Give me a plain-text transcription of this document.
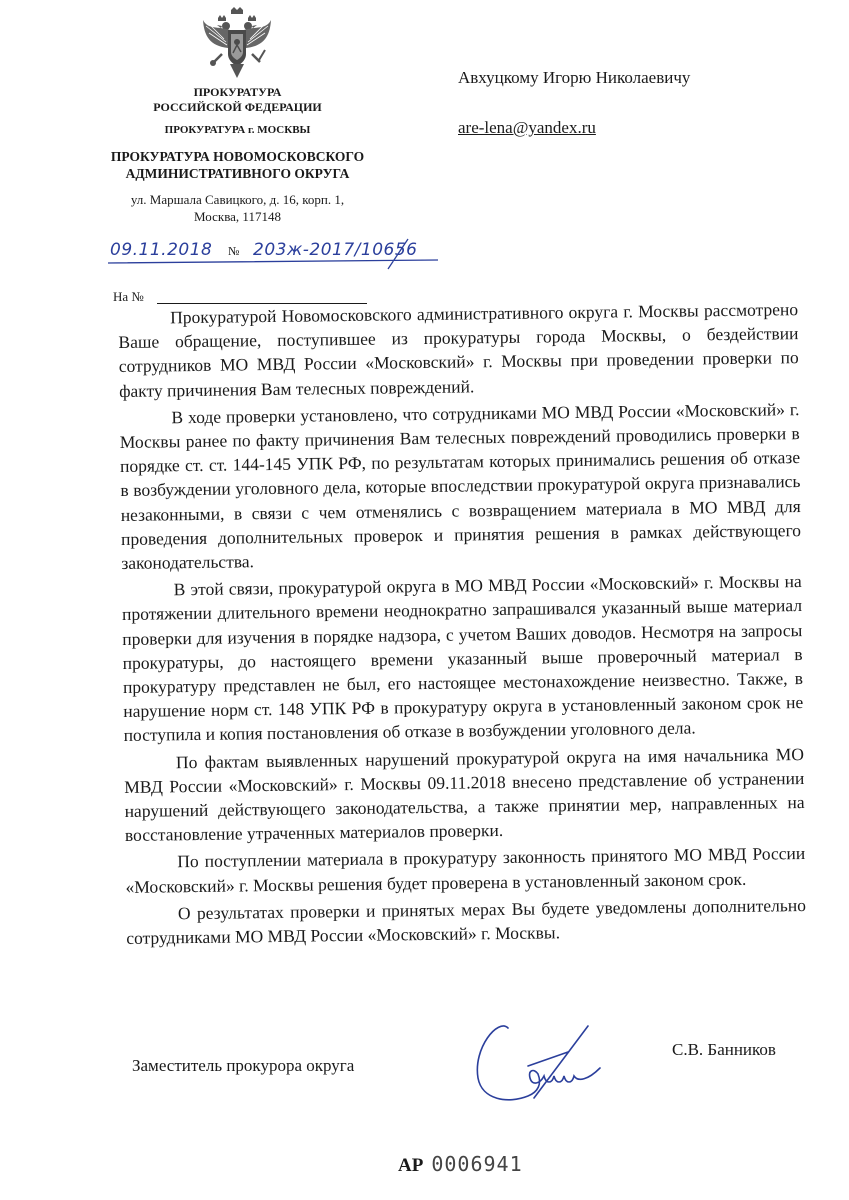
ПРОКУРАТУРА
РОССИЙСКОЙ ФЕДЕРАЦИИ
ПРОКУРАТУРА г. МОСКВЫ
ПРОКУРАТУРА НОВОМОСКОВСКОГО
АДМИНИСТРАТИВНОГО ОКРУГА
ул. Маршала Савицкого, д. 16, корп. 1,
Москва, 117148
Авхуцкому Игорю Николаевичу
are-lena@yandex.ru
09.11.2018 № 203ж-2017/10656
На №

Прокуратурой Новомосковского административного округа г. Москвы рассмотрено Ваше обращение, поступившее из прокуратуры города Москвы, о бездействии сотрудников МО МВД России «Московский» г. Москвы при проведении проверки по факту причинения Вам телесных повреждений.

В ходе проверки установлено, что сотрудниками МО МВД России «Московский» г. Москвы ранее по факту причинения Вам телесных повреждений проводились проверки в порядке ст. ст. 144-145 УПК РФ, по результатам которых принимались решения об отказе в возбуждении уголовного дела, которые впоследствии прокуратурой округа признавались незаконными, в связи с чем отменялись с возвращением материала в МО МВД для проведения дополнительных проверок и принятия решения в рамках действующего законодательства.

В этой связи, прокуратурой округа в МО МВД России «Московский» г. Москвы на протяжении длительного времени неоднократно запрашивался указанный выше материал проверки для изучения в порядке надзора, с учетом Ваших доводов. Несмотря на запросы прокуратуры, до настоящего времени указанный выше проверочный материал в прокуратуру представлен не был, его настоящее местонахождение неизвестно. Также, в нарушение норм ст. 148 УПК РФ в прокуратуру округа в установленный законом срок не поступила и копия постановления об отказе в возбуждении уголовного дела.

По фактам выявленных нарушений прокуратурой округа на имя начальника МО МВД России «Московский» г. Москвы 09.11.2018 внесено представление об устранении нарушений действующего законодательства, а также принятии мер, направленных на восстановление утраченных материалов проверки.

По поступлении материала в прокуратуру законность принятого МО МВД России «Московский» г. Москвы решения будет проверена в установленный законом срок.

О результатах проверки и принятых мерах Вы будете уведомлены дополнительно сотрудниками МО МВД России «Московский» г. Москвы.

Заместитель прокурора округа
С.В. Банников
АР 0006941
